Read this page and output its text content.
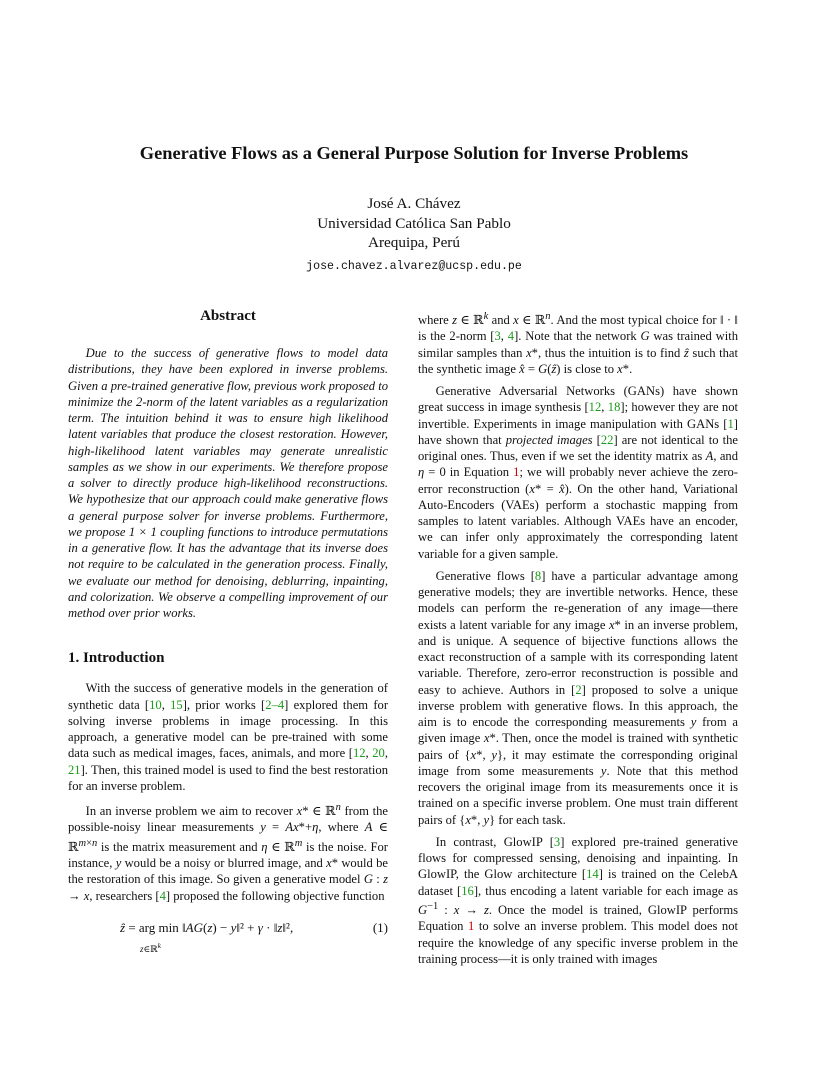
Generative Flows as a General Purpose Solution for Inverse Problems
José A. Chávez
Universidad Católica San Pablo
Arequipa, Perú
jose.chavez.alvarez@ucsp.edu.pe
Abstract

Due to the success of generative flows to model data distributions, they have been explored in inverse problems. Given a pre-trained generative flow, previous work proposed to minimize the 2-norm of the latent variables as a regularization term. The intuition behind it was to ensure high likelihood latent variables that produce the closest restoration. However, high-likelihood latent variables may generate unrealistic samples as we show in our experiments. We therefore propose a solver to directly produce high-likelihood reconstructions. We hypothesize that our approach could make generative flows a general purpose solver for inverse problems. Furthermore, we propose 1 × 1 coupling functions to introduce permutations in a generative flow. It has the advantage that its inverse does not require to be calculated in the generation process. Finally, we evaluate our method for denoising, deblurring, inpainting, and colorization. We observe a compelling improvement of our method over prior works.

1. Introduction

With the success of generative models in the generation of synthetic data [10, 15], prior works [2–4] explored them for solving inverse problems in image processing. In this approach, a generative model can be pre-trained with some data such as medical images, faces, animals, and more [12, 20, 21]. Then, this trained model is used to find the best restoration for an inverse problem.

In an inverse problem we aim to recover x* ∈ ℝ$^n$ from the possible-noisy linear measurements y = Ax*+η, where A ∈ ℝ$^{m\times n}$ is the matrix measurement and η ∈ ℝ$^m$ is the noise. For instance, y would be a noisy or blurred image, and x* would be the restoration of this image. So given a generative model G : z → x, researchers [4] proposed the following objective function

ẑ = arg min ‖AG(z) − y‖² + γ · ‖z‖²,
z∈ℝ$^k$
(1)

where z ∈ ℝ$^k$ and x ∈ ℝ$^n$. And the most typical choice for ‖ · ‖ is the 2-norm [3, 4]. Note that the network G was trained with similar samples than x*, thus the intuition is to find ẑ such that the synthetic image x̂ = G(ẑ) is close to x*.

Generative Adversarial Networks (GANs) have shown great success in image synthesis [12, 18]; however they are not invertible. Experiments in image manipulation with GANs [1] have shown that projected images [22] are not identical to the original ones. Thus, even if we set the identity matrix as A, and η = 0 in Equation 1; we will probably never achieve the zero-error reconstruction (x* = x̂). On the other hand, Variational Auto-Encoders (VAEs) perform a stochastic mapping from samples to latent variables. Although VAEs have an encoder, we can infer only approximately the corresponding latent variable for a given sample.

Generative flows [8] have a particular advantage among generative models; they are invertible networks. Hence, these models can perform the re-generation of any image—there exists a latent variable for any image x* in an inverse problem, and is unique. A sequence of bijective functions allows the exact reconstruction of a sample with its corresponding latent variable. Therefore, zero-error reconstruction is possible and easy to achieve. Authors in [2] proposed to solve a unique inverse problem with generative flows. In this approach, the aim is to encode the corresponding measurements y from a given image x*. Then, once the model is trained with synthetic pairs of {x*, y}, it may estimate the corresponding original image from some measurements y. Note that this method recovers the original image from its measurements once it is trained on a specific inverse problem. One must train different pairs of {x*, y} for each task.

In contrast, GlowIP [3] explored pre-trained generative flows for compressed sensing, denoising and inpainting. In GlowIP, the Glow architecture [14] is trained on the CelebA dataset [16], thus encoding a latent variable for each image as $G^{-1}$ : x → z. Once the model is trained, GlowIP performs Equation 1 to solve an inverse problem. This model does not require the knowledge of any specific inverse problem in the training process—it is only trained with images
